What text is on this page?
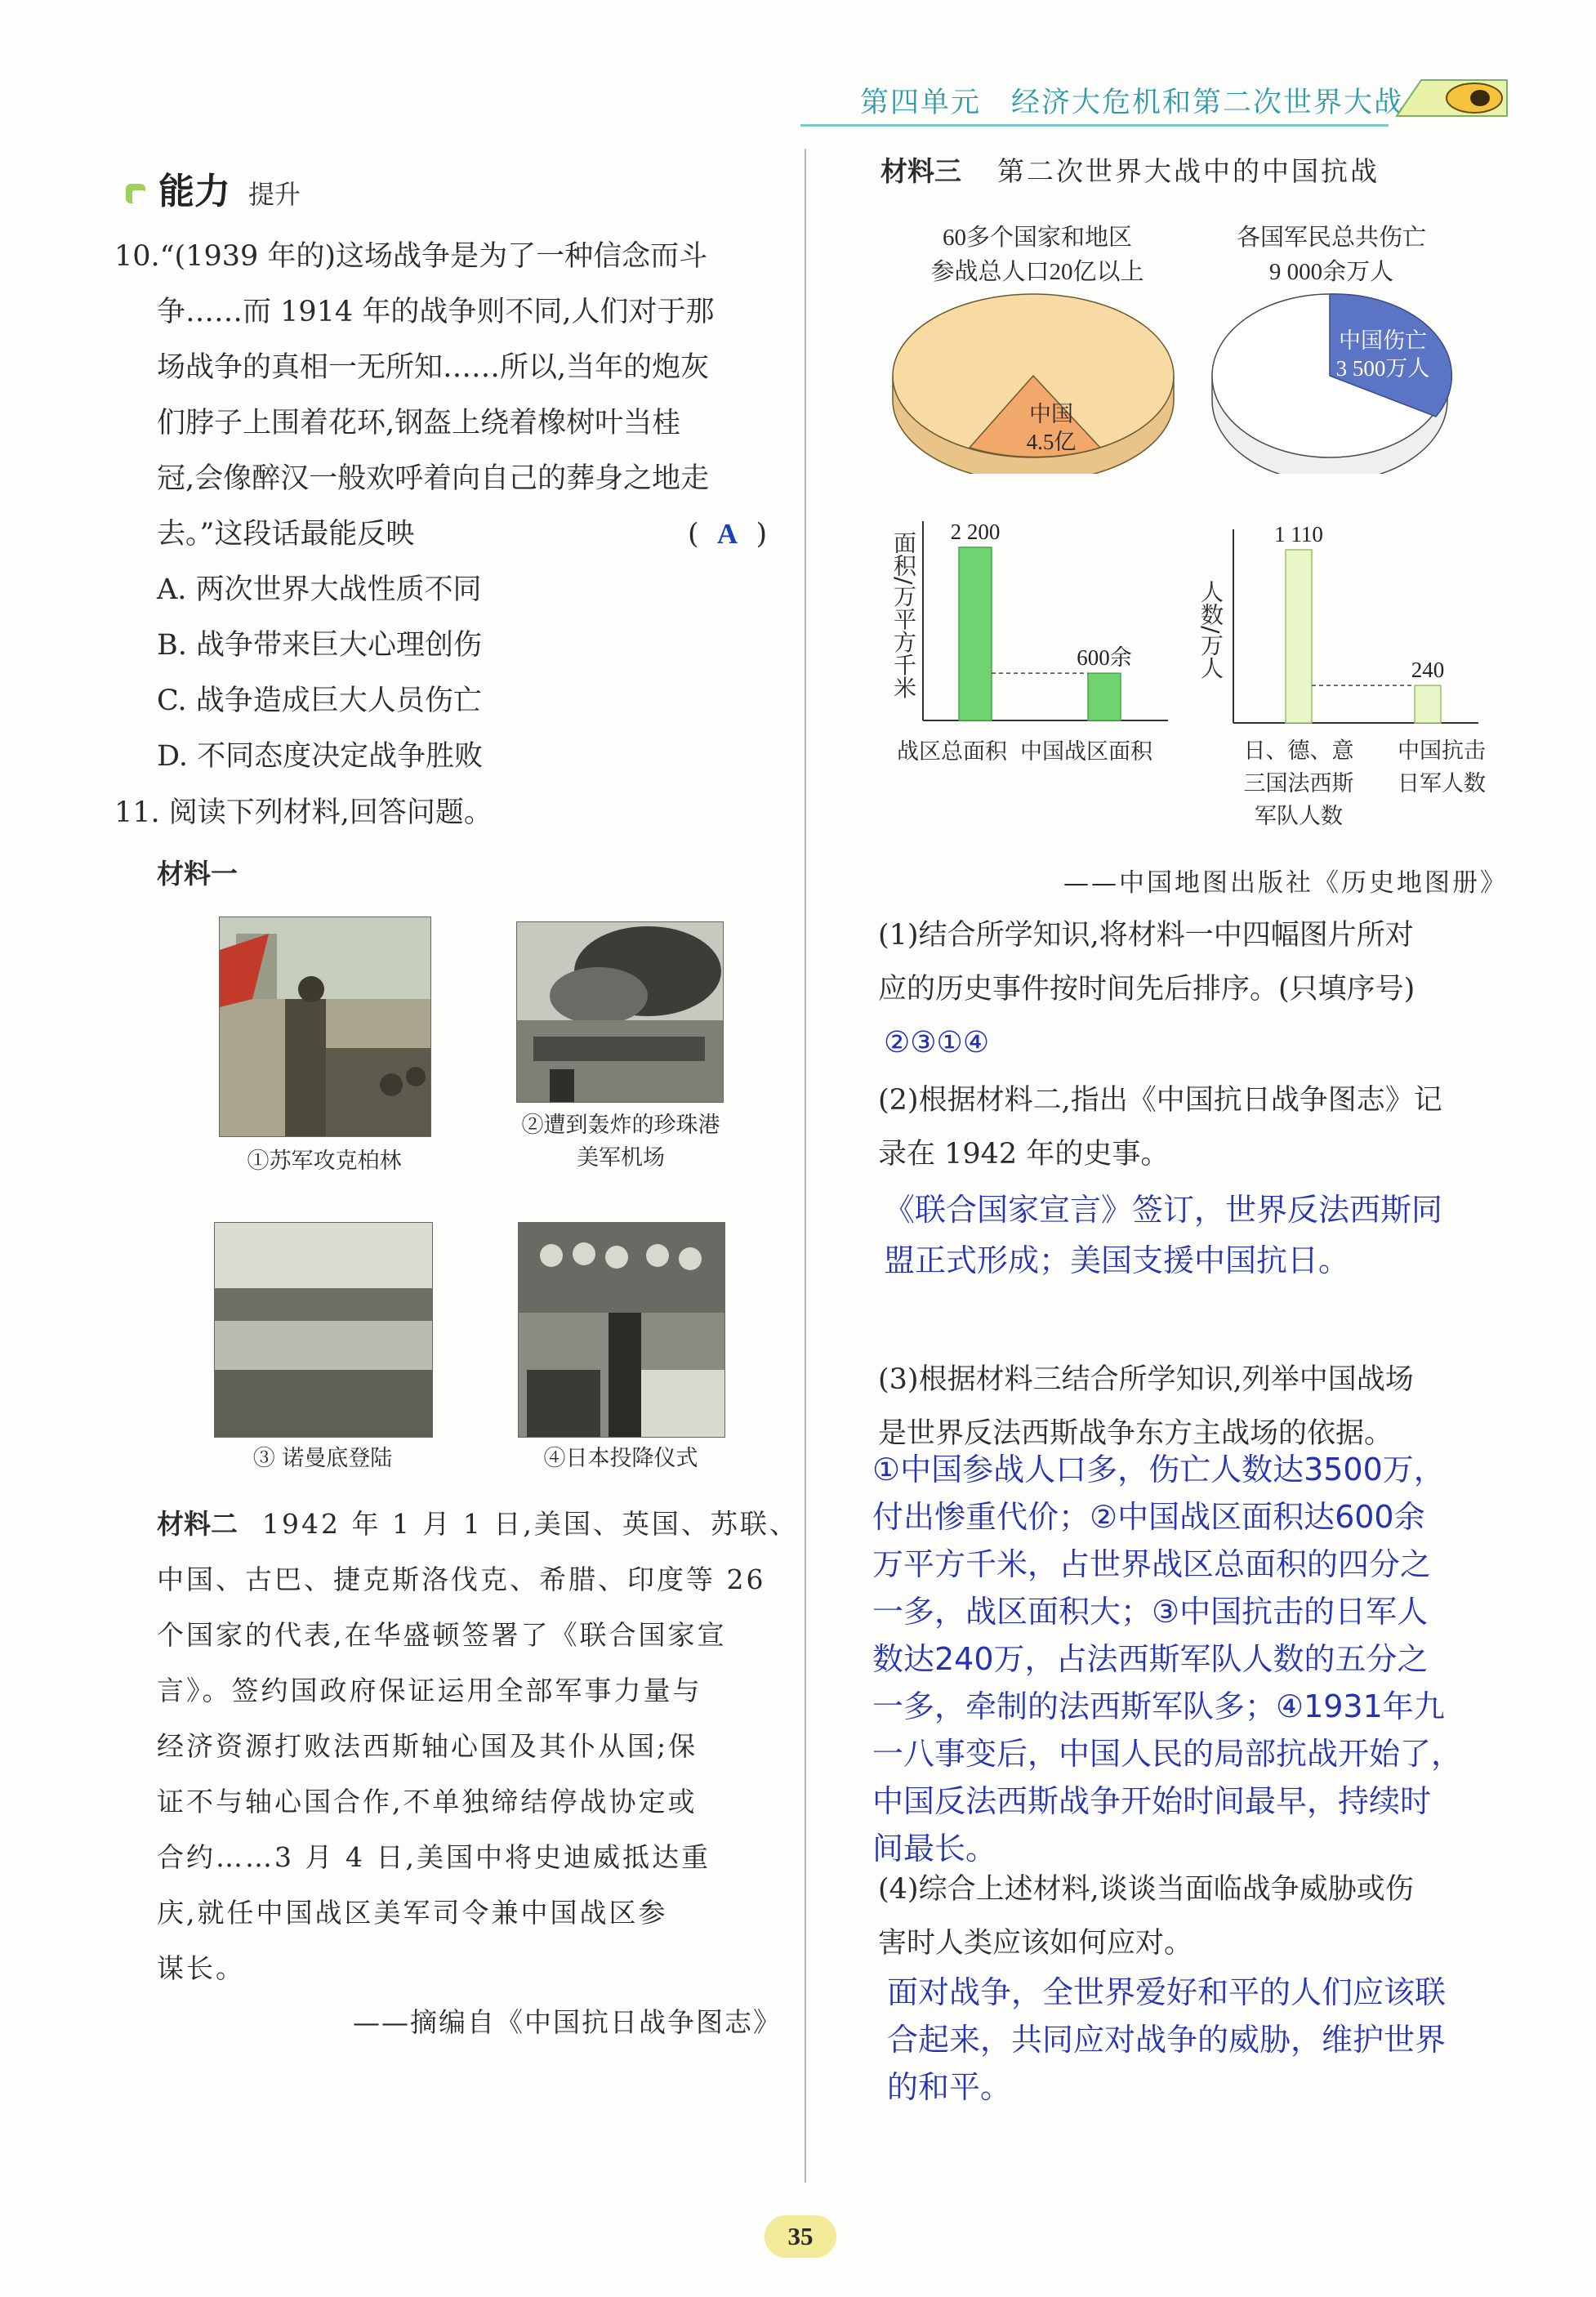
第四单元　经济大危机和第二次世界大战
能力 提升
10.“(1939 年的)这场战争是为了一种信念而斗
争……而 1914 年的战争则不同,人们对于那
场战争的真相一无所知……所以,当年的炮灰
们脖子上围着花环,钢盔上绕着橡树叶当桂
冠,会像醉汉一般欢呼着向自己的葬身之地走
去。”这段话最能反映
A. 两次世界大战性质不同
B. 战争带来巨大心理创伤
C. 战争造成巨大人员伤亡
D. 不同态度决定战争胜败
( A )
11. 阅读下列材料,回答问题。
材料一
①苏军攻克柏林
②遭到轰炸的珍珠港
美军机场
③ 诺曼底登陆	④日本投降仪式
材料二 1942 年 1 月 1 日,美国、英国、苏联、
中国、古巴、捷克斯洛伐克、希腊、印度等 26
个国家的代表,在华盛顿签署了《联合国家宣
言》。签约国政府保证运用全部军事力量与
经济资源打败法西斯轴心国及其仆从国;保
证不与轴心国合作,不单独缔结停战协定或
合约……3 月 4 日,美国中将史迪威抵达重
庆,就任中国战区美军司令兼中国战区参
谋长。
——摘编自《中国抗日战争图志》
材料三 第二次世界大战中的中国抗战
60多个国家和地区
参战总人口20亿以上
中国
4.5亿
各国军民总共伤亡
9 000余万人
中国伤亡
3 500万人
面积/万平方千米 2 200
600余
战区总面积 中国战区面积
人数/万人
1 110
240
日、德、意
三国法西斯
军队人数
中国抗击
日军人数
——中国地图出版社《历史地图册》
(1)结合所学知识,将材料一中四幅图片所对
应的历史事件按时间先后排序。(只填序号)
②③①④
(2)根据材料二,指出《中国抗日战争图志》记
录在 1942 年的史事。
《联合国家宣言》签订，世界反法西斯同
盟正式形成；美国支援中国抗日。
(3)根据材料三结合所学知识,列举中国战场
是世界反法西斯战争东方主战场的依据。
①中国参战人口多，伤亡人数达3500万，
付出惨重代价；②中国战区面积达600余
万平方千米，占世界战区总面积的四分之
一多，战区面积大；③中国抗击的日军人
数达240万，占法西斯军队人数的五分之
一多，牵制的法西斯军队多；④1931年九
一八事变后，中国人民的局部抗战开始了，
中国反法西斯战争开始时间最早，持续时
间最长。
(4)综合上述材料,谈谈当面临战争威胁或伤
害时人类应该如何应对。
面对战争，全世界爱好和平的人们应该联
合起来，共同应对战争的威胁，维护世界
的和平。
35
